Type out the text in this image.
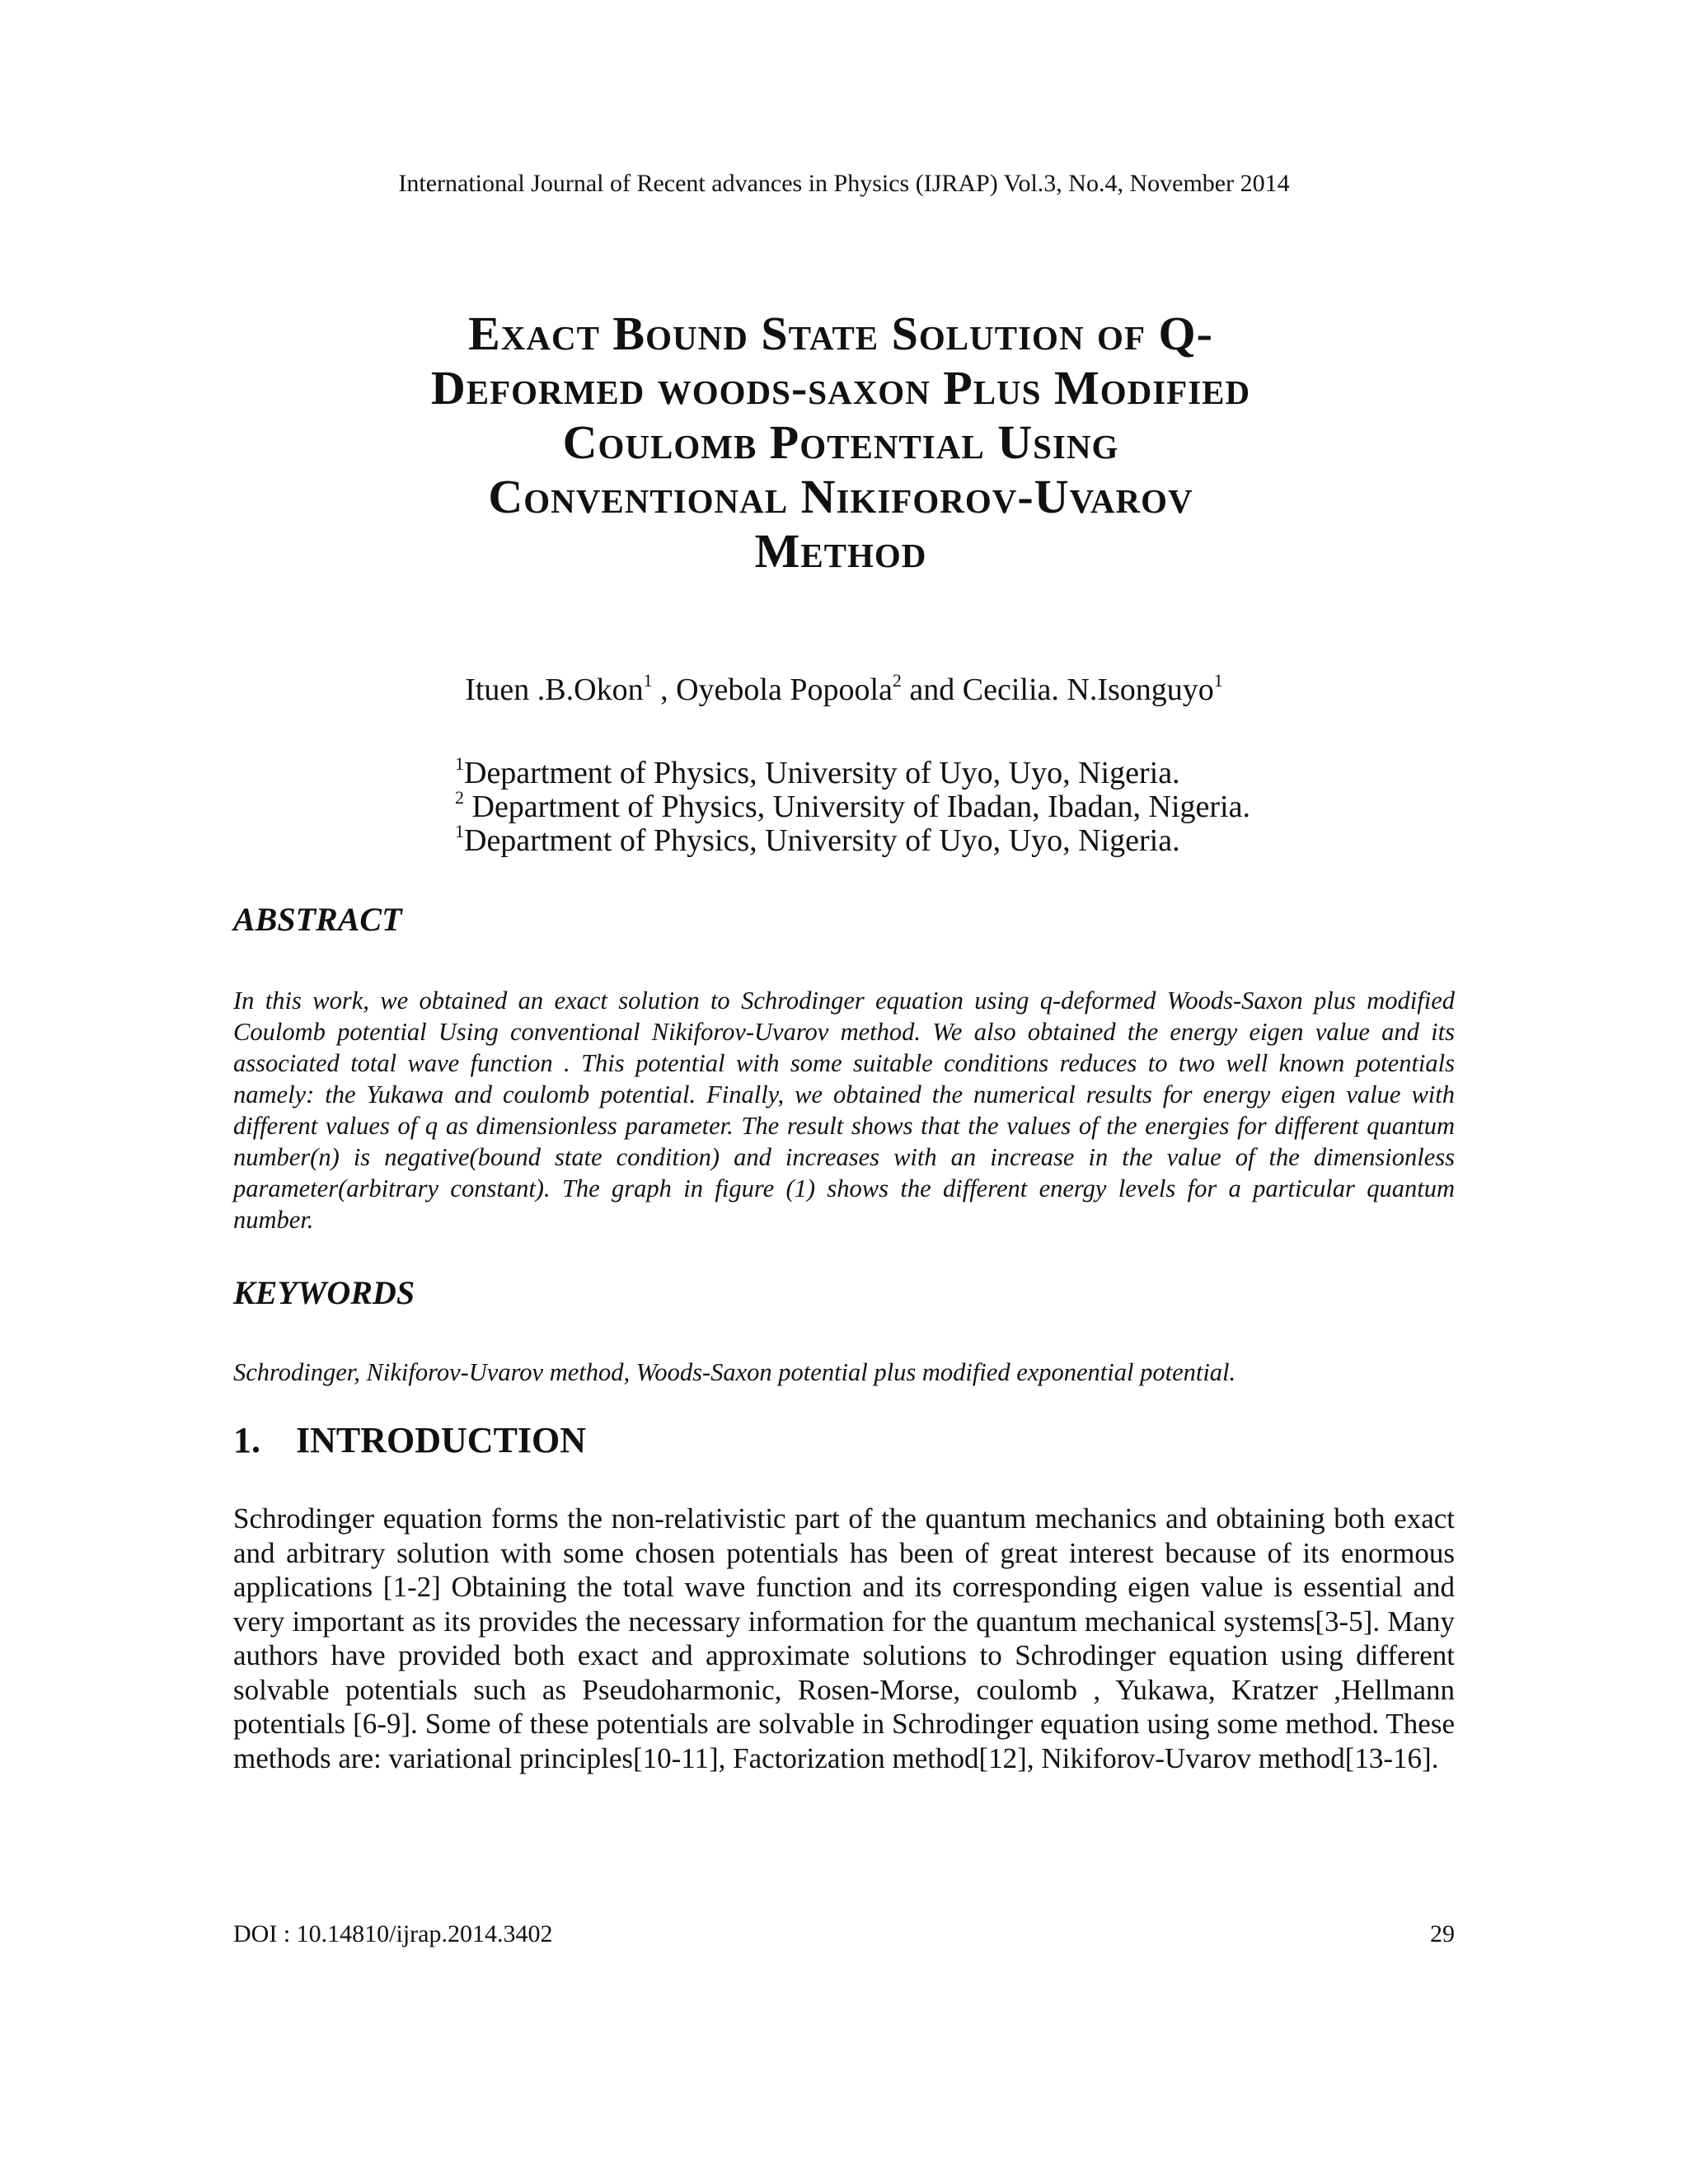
International Journal of Recent advances in Physics (IJRAP) Vol.3, No.4, November 2014
Exact Bound State Solution of Q-
Deformed woods-saxon Plus Modified
Coulomb Potential Using
Conventional Nikiforov-Uvarov
Method
Ituen .B.Okon$^1$ , Oyebola Popoola$^2$ and Cecilia. N.Isonguyo$^1$
$^1$Department of Physics, University of Uyo, Uyo, Nigeria.
$^2$ Department of Physics, University of Ibadan, Ibadan, Nigeria.
$^1$Department of Physics, University of Uyo, Uyo, Nigeria.
ABSTRACT
In this work, we obtained an exact solution to Schrodinger equation using q-deformed Woods-Saxon plus modified Coulomb potential Using conventional Nikiforov-Uvarov method. We also obtained the energy eigen value and its associated total wave function . This potential with some suitable conditions reduces to two well known potentials namely: the Yukawa and coulomb potential. Finally, we obtained the numerical results for energy eigen value with different values of q as dimensionless parameter. The result shows that the values of the energies for different quantum number(n) is negative(bound state condition) and increases with an increase in the value of the dimensionless parameter(arbitrary constant). The graph in figure (1) shows the different energy levels for a particular quantum number.
KEYWORDS
Schrodinger, Nikiforov-Uvarov method, Woods-Saxon potential plus modified exponential potential.
1. INTRODUCTION
Schrodinger equation forms the non-relativistic part of the quantum mechanics and obtaining both exact and arbitrary solution with some chosen potentials has been of great interest because of its enormous applications [1-2] Obtaining the total wave function and its corresponding eigen value is essential and very important as its provides the necessary information for the quantum mechanical systems[3-5]. Many authors have provided both exact and approximate solutions to Schrodinger equation using different solvable potentials such as Pseudoharmonic, Rosen-Morse, coulomb , Yukawa, Kratzer ,Hellmann potentials [6-9]. Some of these potentials are solvable in Schrodinger equation using some method. These methods are: variational principles[10-11], Factorization method[12], Nikiforov-Uvarov method[13-16].
DOI : 10.14810/ijrap.2014.3402	29
